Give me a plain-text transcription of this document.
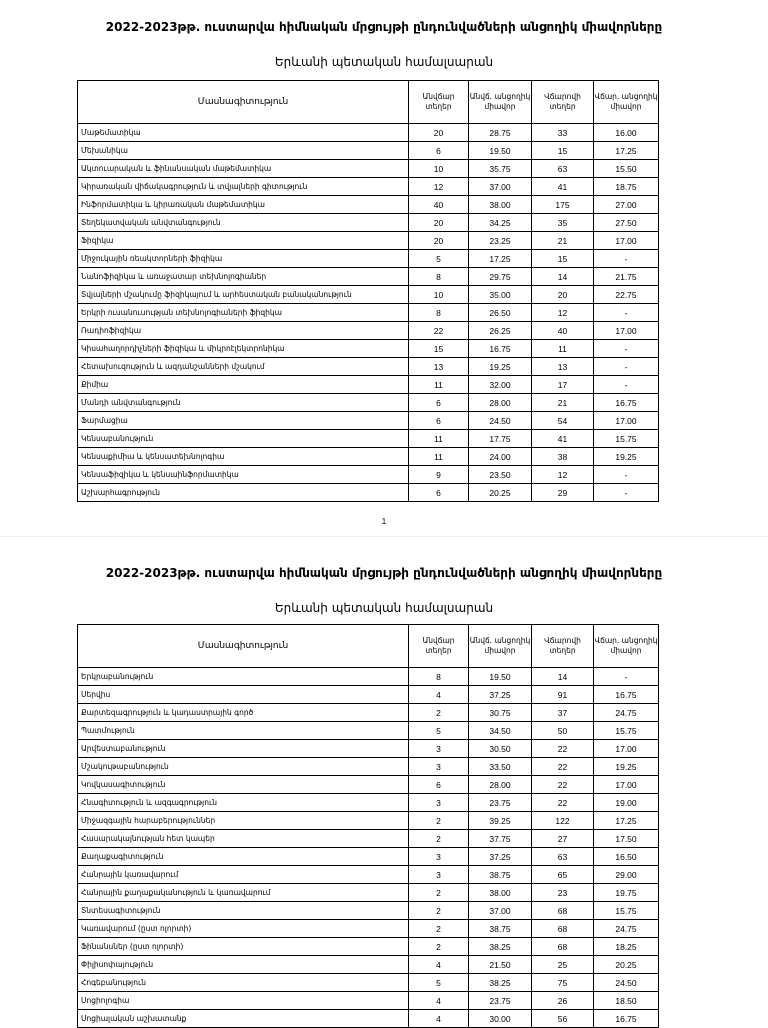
2022-2023թթ. ուստարվա հիմնական մրցույթի ընդունվածների անցողիկ միավորները
Երևանի պետական համալսարան
Մասնագիտություն	Անվճար տեղեր	Անվճ. անցողիկ միավոր	Վճարովի տեղեր	Վճար. անցողիկ միավոր
Մաթեմատիկա	20	28.75	33	16.00
Մեխանիկա	6	19.50	15	17.25
Ակտուարական և ֆինանսական մաթեմատիկա	10	35.75	63	15.50
Կիրառական վիճակագրություն և տվյալների գիտություն	12	37.00	41	18.75
Ինֆորմատիկա և կիրառական մաթեմատիկա	40	38.00	175	27.00
Տեղեկատվական անվտանգություն	20	34.25	35	27.50
Ֆիզիկա	20	23.25	21	17.00
Միջուկային ռեակտորների ֆիզիկա	5	17.25	15	-
Նանոֆիզիկա և առաջատար տեխնոլոգիաներ	8	29.75	14	21.75
Տվյալների մշակումը ֆիզիկայում և արհեստական բանականություն	10	35.00	20	22.75
Երկրի ուսանուսության տեխնոլոգիաների ֆիզիկա	8	26.50	12	-
Ռադիոֆիզիկա	22	26.25	40	17.00
Կիսահաղորդիչների ֆիզիկա և միկրոէլեկտրոնիկա	15	16.75	11	-
Հետախուզություն և ազդանշանների մշակում	13	19.25	13	-
Քիմիա	11	32.00	17	-
Մանդի անվտանգություն	6	28.00	21	16.75
Ֆարմացիա	6	24.50	54	17.00
Կենսաբանություն	11	17.75	41	15.75
Կենսաքիմիա և կենսատեխնոլոգիա	11	24.00	38	19.25
Կենսաֆիզիկա և կենսաինֆորմատիկա	9	23.50	12	-
Աշխարհագրություն	6	20.25	29	-
1
2022-2023թթ. ուստարվա հիմնական մրցույթի ընդունվածների անցողիկ միավորները
Երևանի պետական համալսարան
Մասնագիտություն	Անվճար տեղեր	Անվճ. անցողիկ միավոր	Վճարովի տեղեր	Վճար. անցողիկ միավոր
Երկրաբանություն	8	19.50	14	-
Սերվիս	4	37.25	91	16.75
Քարտեզագրություն և կադաստրային գործ	2	30.75	37	24.75
Պատմություն	5	34.50	50	15.75
Արվեստաբանություն	3	30.50	22	17.00
Մշակութաբանություն	3	33.50	22	19.25
Կովկասագիտություն	6	28.00	22	17.00
Հնագիտություն և ազգագրություն	3	23.75	22	19.00
Միջազգային հարաբերություններ	2	39.25	122	17.25
Հասարակայնության հետ կապեր	2	37.75	27	17.50
Քաղաքագիտություն	3	37.25	63	16.50
Հանրային կառավարում	3	38.75	65	29.00
Հանրային քաղաքականություն և կառավարում	2	38.00	23	19.75
Տնտեսագիտություն	2	37.00	68	15.75
Կառավարում (ըստ ոլորտի)	2	38.75	68	24.75
Ֆինանսներ (ըստ ոլորտի)	2	38.25	68	18.25
Փիլիսոփայություն	4	21.50	25	20.25
Հոգեբանություն	5	38.25	75	24.50
Սոցիոլոգիա	4	23.75	26	18.50
Սոցիալական աշխատանք	4	30.00	56	16.75
